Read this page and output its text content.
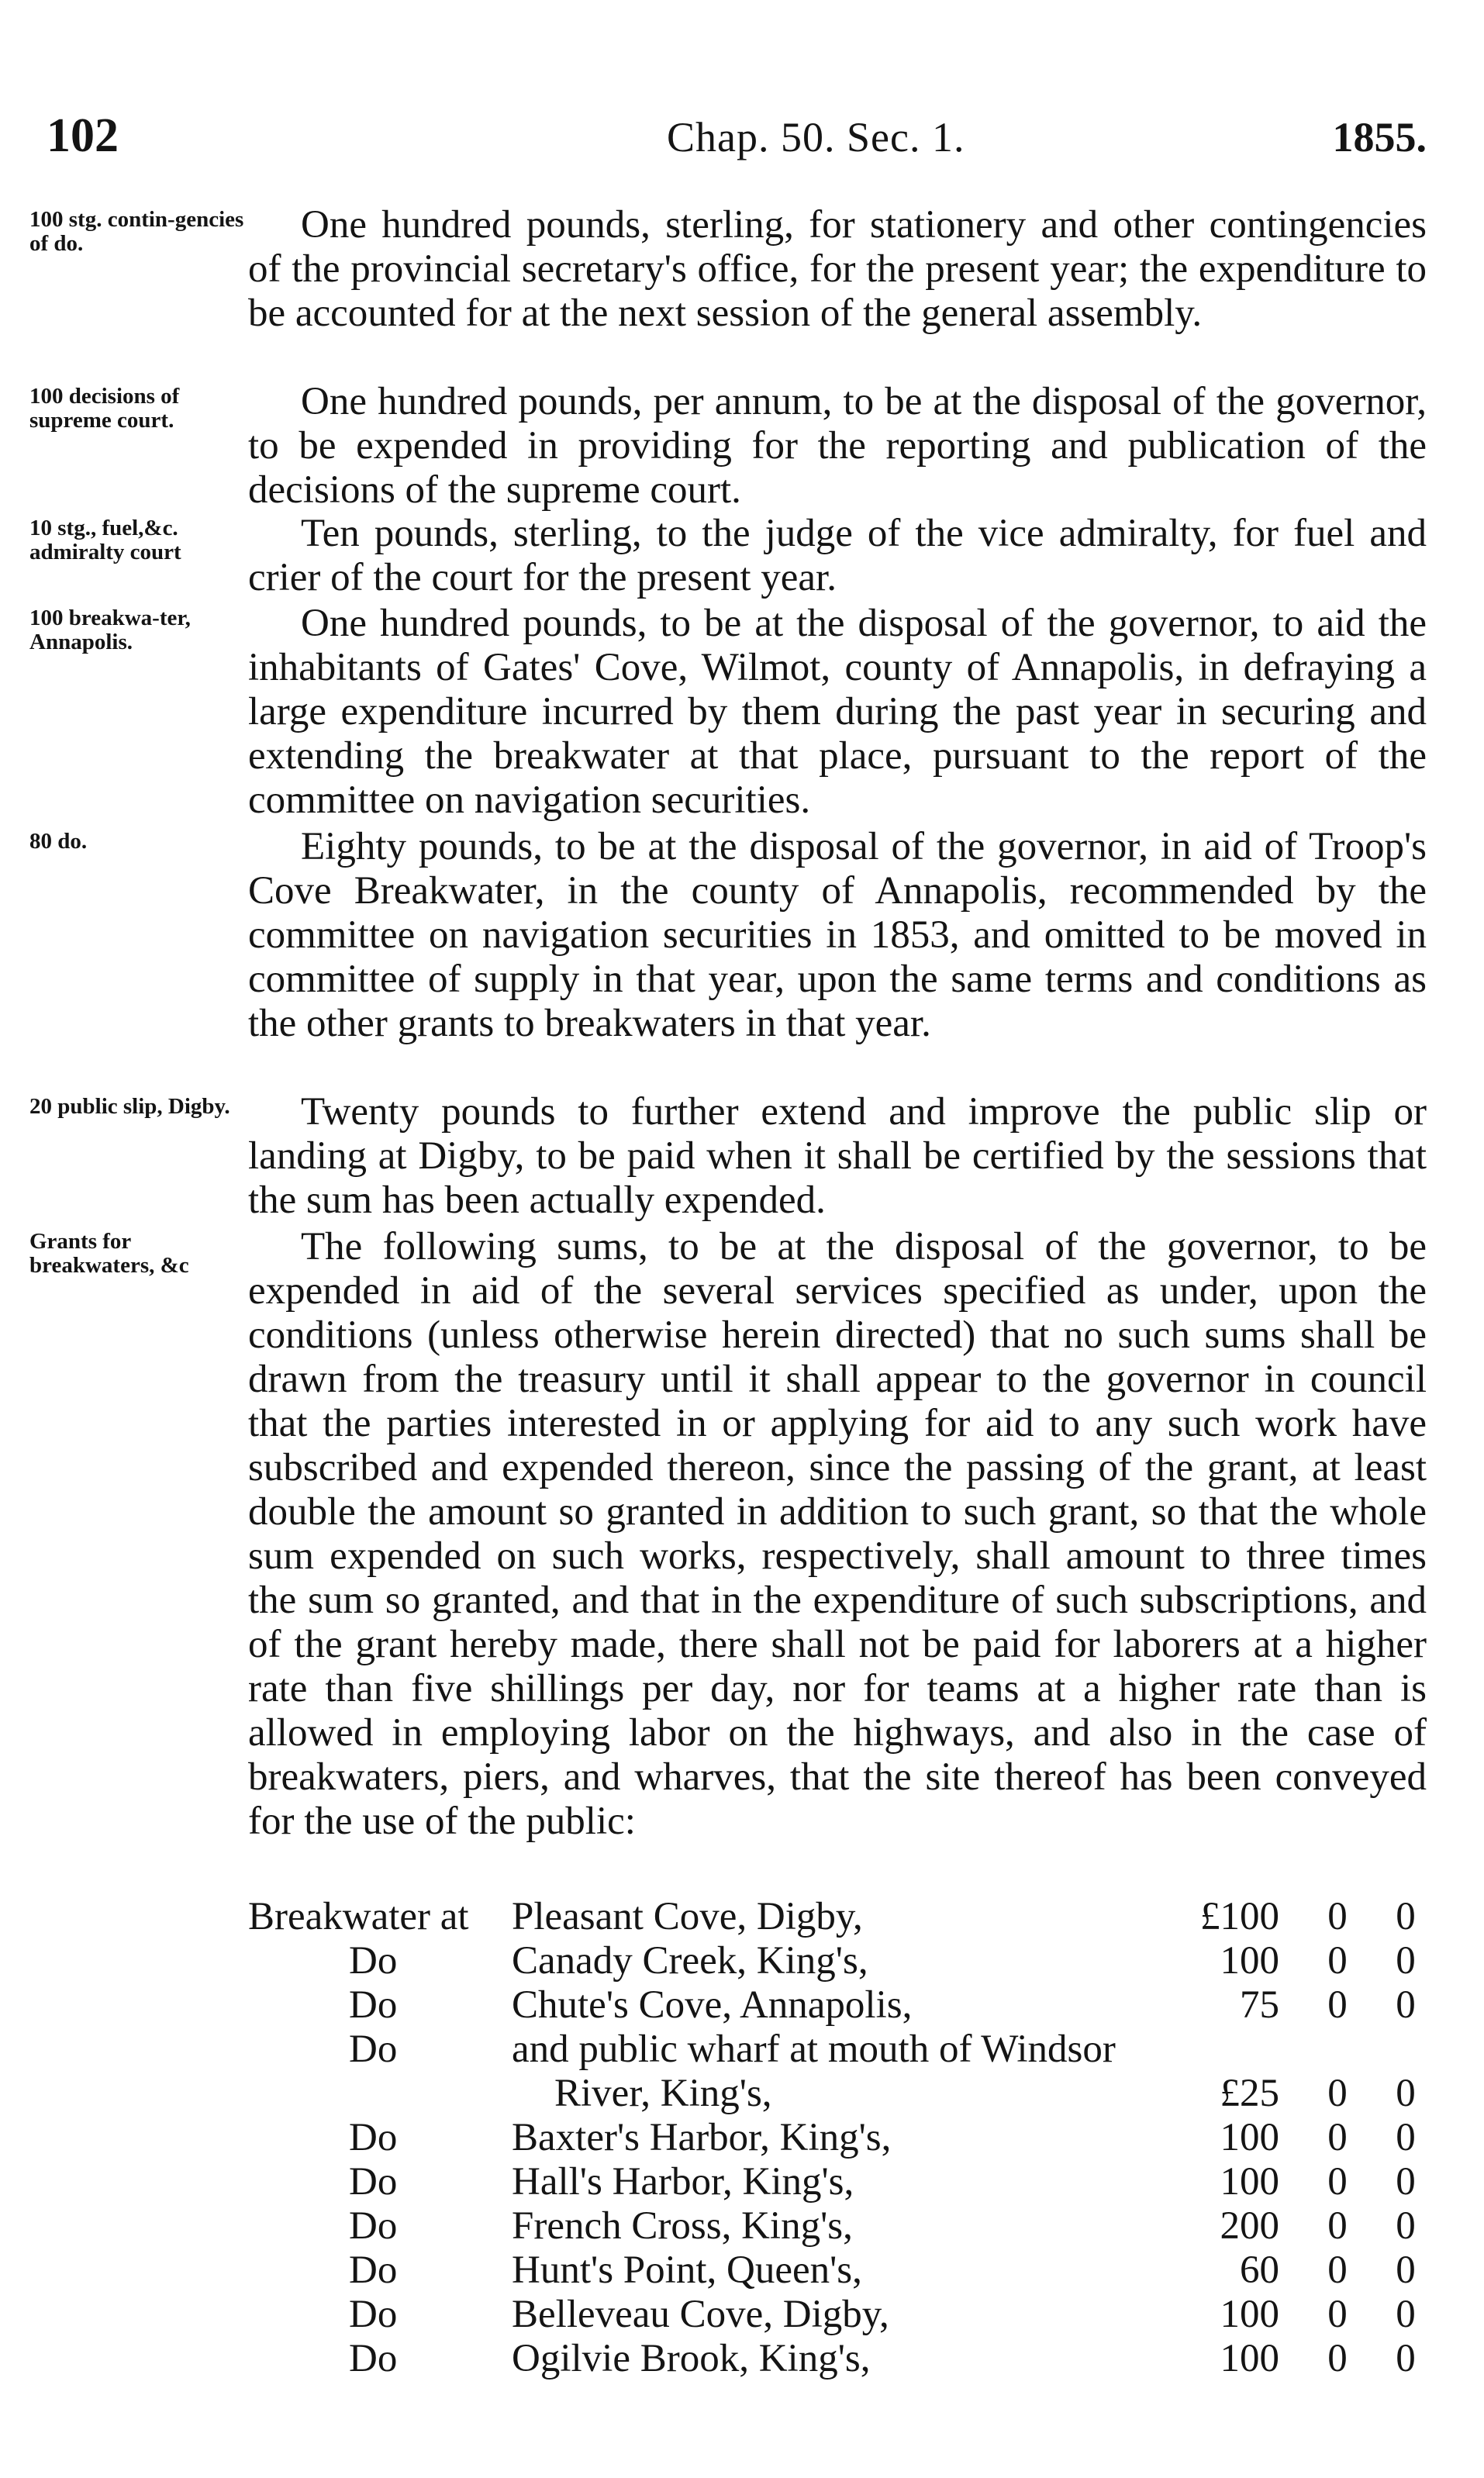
102	Chap. 50. Sec. 1.	1855.
100 stg. contin-gencies of do.	One hundred pounds, sterling, for stationery and other contingencies of the provincial secretary's office, for the present year; the expenditure to be accounted for at the next session of the general assembly.
100 decisions of supreme court.	One hundred pounds, per annum, to be at the disposal of the governor, to be expended in providing for the reporting and publication of the decisions of the supreme court.
10 stg., fuel,&c. admiralty court	Ten pounds, sterling, to the judge of the vice admiralty, for fuel and crier of the court for the present year.
100 breakwa-ter, Annapolis.	One hundred pounds, to be at the disposal of the governor, to aid the inhabitants of Gates' Cove, Wilmot, county of Annapolis, in defraying a large expenditure incurred by them during the past year in securing and extending the breakwater at that place, pursuant to the report of the committee on navigation securities.
80 do.	Eighty pounds, to be at the disposal of the governor, in aid of Troop's Cove Breakwater, in the county of Annapolis, recommended by the committee on navigation securities in 1853, and omitted to be moved in committee of supply in that year, upon the same terms and conditions as the other grants to breakwaters in that year.
20 public slip, Digby.	Twenty pounds to further extend and improve the public slip or landing at Digby, to be paid when it shall be certified by the sessions that the sum has been actually expended.
Grants for breakwaters, &c	The following sums, to be at the disposal of the governor, to be expended in aid of the several services specified as under, upon the conditions (unless otherwise herein directed) that no such sums shall be drawn from the treasury until it shall appear to the governor in council that the parties interested in or applying for aid to any such work have subscribed and expended thereon, since the passing of the grant, at least double the amount so granted in addition to such grant, so that the whole sum expended on such works, respectively, shall amount to three times the sum so granted, and that in the expenditure of such subscriptions, and of the grant hereby made, there shall not be paid for laborers at a higher rate than five shillings per day, nor for teams at a higher rate than is allowed in employing labor on the highways, and also in the case of breakwaters, piers, and wharves, that the site thereof has been conveyed for the use of the public:
Breakwater at Pleasant Cove, Digby,	£100 0 0
Do	Canady Creek, King's,	100 0 0
Do	Chute's Cove, Annapolis,	75 0 0
Do	and public wharf at mouth of Windsor
River, King's,	£25 0 0
Do	Baxter's Harbor, King's,	100 0 0
Do	Hall's Harbor, King's,	100 0 0
Do	French Cross, King's,	200 0 0
Do	Hunt's Point, Queen's,	60 0 0
Do	Belleveau Cove, Digby,	100 0 0
Do	Ogilvie Brook, King's,	100 0 0
